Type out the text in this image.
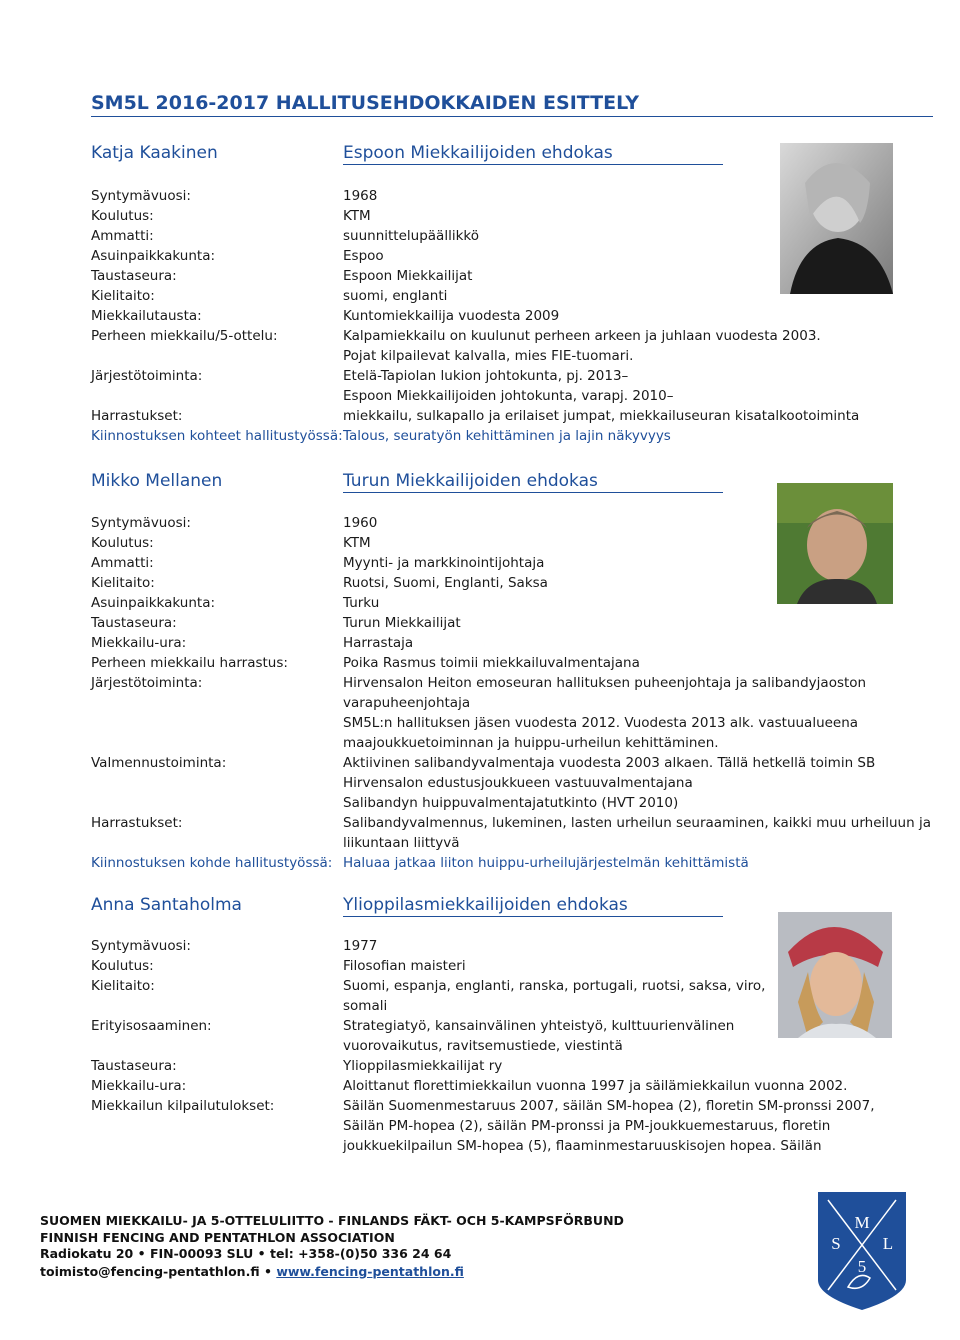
SM5L 2016-2017 HALLITUSEHDOKKAIDEN ESITTELY
Katja Kaakinen	Espoon Miekkailijoiden ehdokas
Syntymävuosi:	1968
Koulutus:	KTM
Ammatti:	suunnittelupäällikkö
Asuinpaikkakunta:	Espoo
Taustaseura:	Espoon Miekkailijat
Kielitaito:	suomi, englanti
Miekkailutausta:	Kuntomiekkailija vuodesta 2009
Perheen miekkailu/5-ottelu:	Kalpamiekkailu on kuulunut perheen arkeen ja juhlaan vuodesta 2003.
Pojat kilpailevat kalvalla, mies FIE-tuomari.
Järjestötoiminta:	Etelä-Tapiolan lukion johtokunta, pj. 2013–
Espoon Miekkailijoiden johtokunta, varapj. 2010–
Harrastukset:	miekkailu, sulkapallo ja erilaiset jumpat, miekkailuseuran kisatalkootoiminta
Kiinnostuksen kohteet hallitustyössä: Talous, seuratyön kehittäminen ja lajin näkyvyys
Mikko Mellanen	Turun Miekkailijoiden ehdokas
Syntymävuosi:	1960
Koulutus:	KTM
Ammatti:	Myynti- ja markkinointijohtaja
Kielitaito:	Ruotsi, Suomi, Englanti, Saksa
Asuinpaikkakunta:	Turku
Taustaseura:	Turun Miekkailijat
Miekkailu-ura:	Harrastaja
Perheen miekkailu harrastus:	Poika Rasmus toimii miekkailuvalmentajana
Järjestötoiminta:	Hirvensalon Heiton emoseuran hallituksen puheenjohtaja ja salibandyjaoston
varapuheenjohtaja
SM5L:n hallituksen jäsen vuodesta 2012. Vuodesta 2013 alk. vastuualueena
maajoukkuetoiminnan ja huippu-urheilun kehittäminen.
Valmennustoiminta:	Aktiivinen salibandyvalmentaja vuodesta 2003 alkaen. Tällä hetkellä toimin SB
Hirvensalon edustusjoukkueen vastuuvalmentajana
Salibandyn huippuvalmentajatutkinto (HVT 2010)
Harrastukset:	Salibandyvalmennus, lukeminen, lasten urheilun seuraaminen, kaikki muu urheiluun ja
liikuntaan liittyvä
Kiinnostuksen kohde hallitustyössä: Haluaa jatkaa liiton huippu-urheilujärjestelmän kehittämistä
Anna Santaholma	Ylioppilasmiekkailijoiden ehdokas
Syntymävuosi:	1977
Koulutus:	Filosofian maisteri
Kielitaito:	Suomi, espanja, englanti, ranska, portugali, ruotsi, saksa, viro,
somali
Erityisosaaminen:	Strategiatyö, kansainvälinen yhteistyö, kulttuurienvälinen
vuorovaikutus, ravitsemustiede, viestintä
Taustaseura:	Ylioppilasmiekkailijat ry
Miekkailu-ura:	Aloittanut florettimiekkailun vuonna 1997 ja säilämiekkailun vuonna 2002.
Miekkailun kilpailutulokset:	Säilän Suomenmestaruus 2007, säilän SM-hopea (2), floretin SM-pronssi 2007,
Säilän PM-hopea (2), säilän PM-pronssi ja PM-joukkuemestaruus, floretin
joukkuekilpailun SM-hopea (5), flaaminmestaruuskisojen hopea. Säilän
SUOMEN MIEKKAILU- JA 5-OTTELULIITTO - FINLANDS FÄKT- OCH 5-KAMPSFÖRBUND
FINNISH FENCING AND PENTATHLON ASSOCIATION
Radiokatu 20 • FIN-00093 SLU • tel: +358-(0)50 336 24 64
toimisto@fencing-pentathlon.fi • www.fencing-pentathlon.fi
M
S L
5
